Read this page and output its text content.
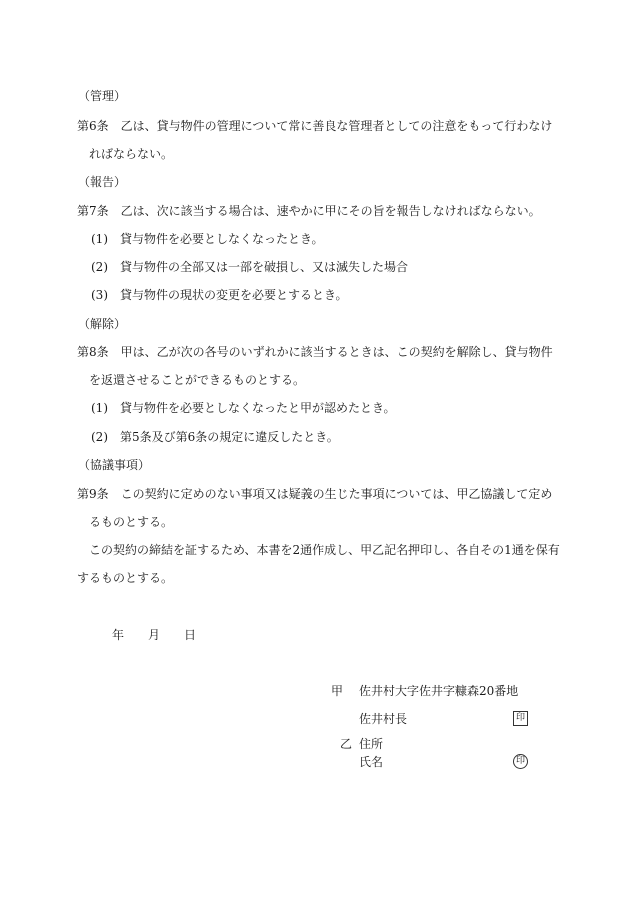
（管理）
第6条　乙は、貸与物件の管理について常に善良な管理者としての注意をもって行わなけ
ればならない。
（報告）
第7条　乙は、次に該当する場合は、速やかに甲にその旨を報告しなければならない。
(1)　貸与物件を必要としなくなったとき。
(2)　貸与物件の全部又は一部を破損し、又は滅失した場合
(3)　貸与物件の現状の変更を必要とするとき。
（解除）
第8条　甲は、乙が次の各号のいずれかに該当するときは、この契約を解除し、貸与物件
を返還させることができるものとする。
(1)　貸与物件を必要としなくなったと甲が認めたとき。
(2)　第5条及び第6条の規定に違反したとき。
（協議事項）
第9条　この契約に定めのない事項又は疑義の生じた事項については、甲乙協議して定め
るものとする。
この契約の締結を証するため、本書を2通作成し、甲乙記名押印し、各自その1通を保有
するものとする。
年 月 日
甲 佐井村大字佐井字糠森20番地
佐井村長	印
乙 住所
氏名	印
